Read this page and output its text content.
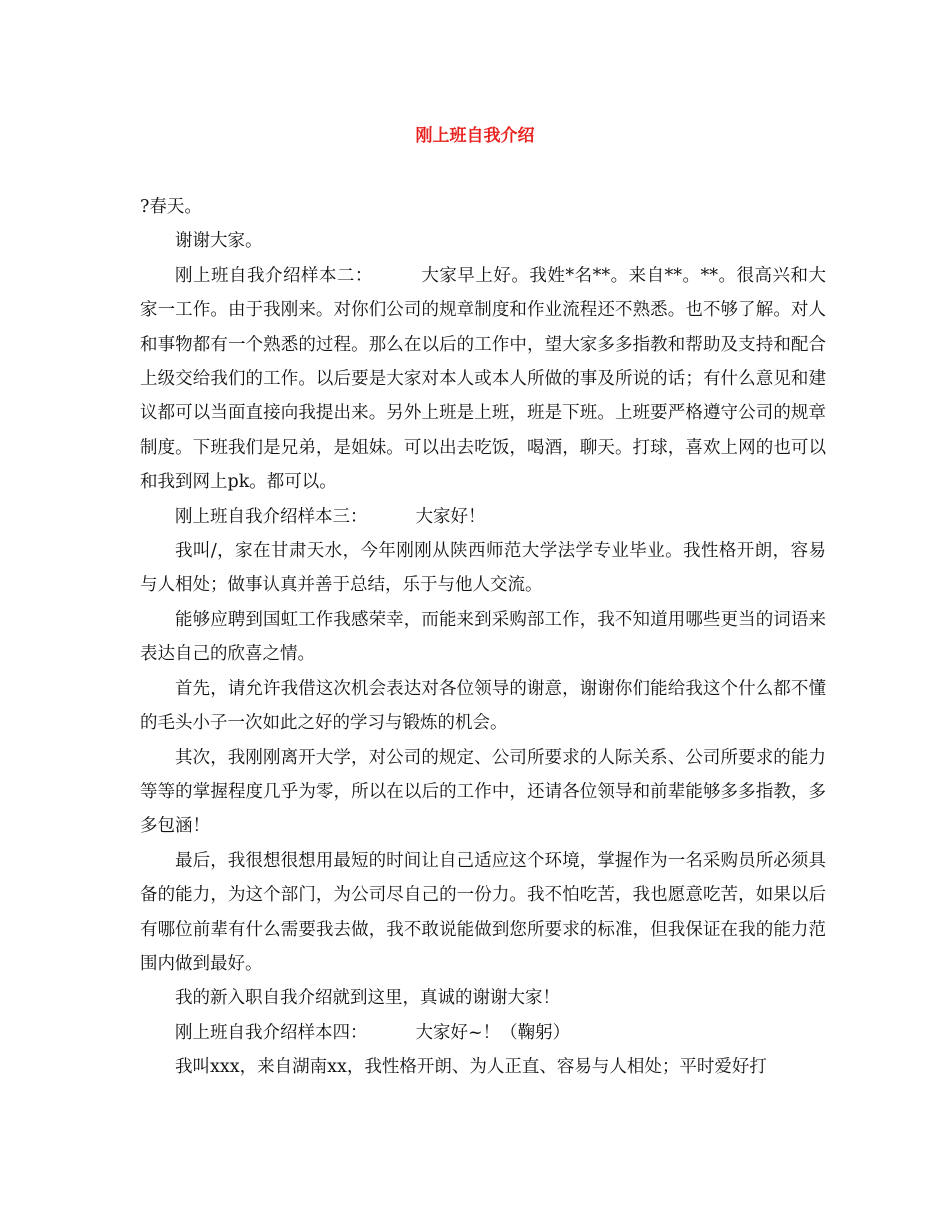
刚上班自我介绍

?春天。

谢谢大家。

刚上班自我介绍样本二：	大家早上好。我姓*名**。来自**。**。很高兴和大家一工作。由于我刚来。对你们公司的规章制度和作业流程还不熟悉。也不够了解。对人和事物都有一个熟悉的过程。那么在以后的工作中，望大家多多指教和帮助及支持和配合上级交给我们的工作。以后要是大家对本人或本人所做的事及所说的话；有什么意见和建议都可以当面直接向我提出来。另外上班是上班，班是下班。上班要严格遵守公司的规章制度。下班我们是兄弟，是姐妹。可以出去吃饭，喝酒，聊天。打球，喜欢上网的也可以和我到网上pk。都可以。

刚上班自我介绍样本三：	大家好！

我叫/，家在甘肃天水，今年刚刚从陕西师范大学法学专业毕业。我性格开朗，容易与人相处；做事认真并善于总结，乐于与他人交流。

能够应聘到国虹工作我感荣幸，而能来到采购部工作，我不知道用哪些更当的词语来表达自己的欣喜之情。

首先，请允许我借这次机会表达对各位领导的谢意，谢谢你们能给我这个什么都不懂的毛头小子一次如此之好的学习与锻炼的机会。

其次，我刚刚离开大学，对公司的规定、公司所要求的人际关系、公司所要求的能力等等的掌握程度几乎为零，所以在以后的工作中，还请各位领导和前辈能够多多指教，多多包涵！

最后，我很想很想用最短的时间让自己适应这个环境，掌握作为一名采购员所必须具备的能力，为这个部门，为公司尽自己的一份力。我不怕吃苦，我也愿意吃苦，如果以后有哪位前辈有什么需要我去做，我不敢说能做到您所要求的标准，但我保证在我的能力范围内做到最好。

我的新入职自我介绍就到这里，真诚的谢谢大家！

刚上班自我介绍样本四：	大家好~！（鞠躬）

我叫xxx，来自湖南xx，我性格开朗、为人正直、容易与人相处；平时爱好打
